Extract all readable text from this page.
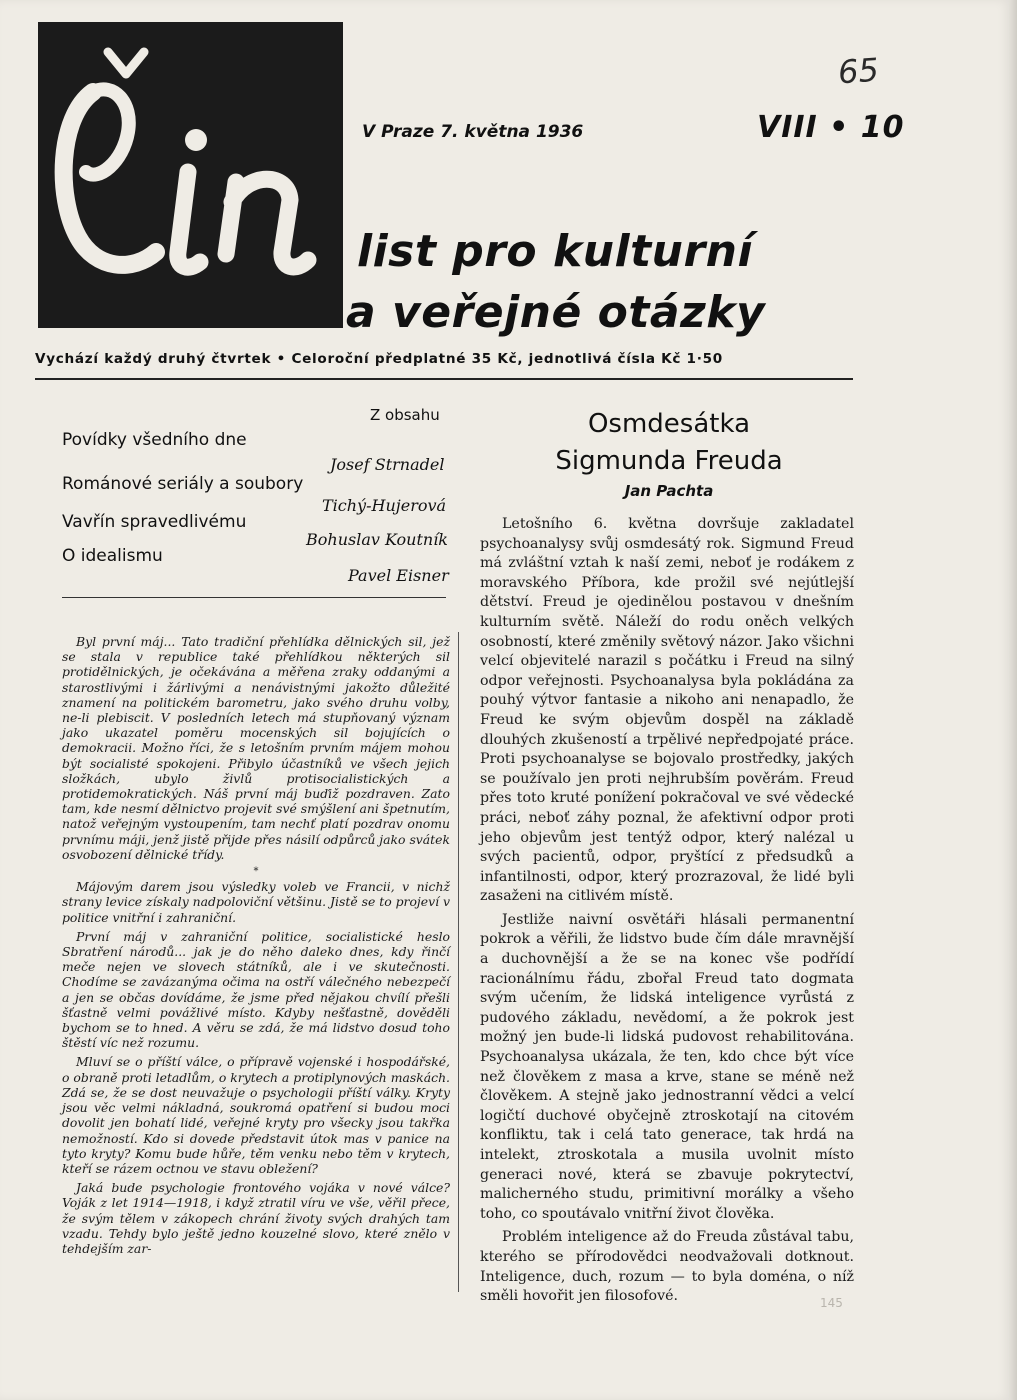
65
V Praze 7. května 1936	VIII • 10
list pro kulturní
a veřejné otázky
Vychází každý druhý čtvrtek • Celoroční předplatné 35 Kč, jednotlivá čísla Kč 1·50
Z obsahu
Povídky všedního dne
Josef Strnadel
Románové seriály a soubory
Tichý-Hujerová
Vavřín spravedlivému
Bohuslav Koutník
O idealismu
Pavel Eisner

Byl první máj... Tato tradiční přehlídka dělnických sil, jež se stala v republice také přehlídkou některých sil protidělnických, je očekávána a měřena zraky oddanými a starostlivými i žárlivými a nenávistnými jakožto důležité znamení na politickém barometru, jako svého druhu volby, ne-li plebiscit. V posledních letech má stupňovaný význam jako ukazatel poměru mocenských sil bojujících o demokracii. Možno říci, že s letošním prvním májem mohou být socialisté spokojeni. Přibylo účastníků ve všech jejich složkách, ubylo živlů protisocialistických a protidemokratických. Náš první máj buďiž pozdraven. Zato tam, kde nesmí dělnictvo projevit své smýšlení ani špetnutím, natož veřejným vystoupením, tam nechť platí pozdrav onomu prvnímu máji, jenž jistě přijde přes násilí odpůrců jako svátek osvobození dělnické třídy.

*

Májovým darem jsou výsledky voleb ve Francii, v nichž strany levice získaly nadpoloviční většinu. Jistě se to projeví v politice vnitřní i zahraniční.

První máj v zahraniční politice, socialistické heslo Sbratření národů... jak je do něho daleko dnes, kdy řinčí meče nejen ve slovech státníků, ale i ve skutečnosti. Chodíme se zavázanýma očima na ostří válečného nebezpečí a jen se občas dovídáme, že jsme před nějakou chvílí přešli šťastně velmi povážlivé místo. Kdyby nešťastně, dověděli bychom se to hned. A věru se zdá, že má lidstvo dosud toho štěstí víc než rozumu.

Mluví se o příští válce, o přípravě vojenské i hospodářské, o obraně proti letadlům, o krytech a protiplynových maskách. Zdá se, že se dost neuvažuje o psychologii příští války. Kryty jsou věc velmi nákladná, soukromá opatření si budou moci dovolit jen bohatí lidé, veřejné kryty pro všecky jsou takřka nemožností. Kdo si dovede představit útok mas v panice na tyto kryty? Komu bude hůře, těm venku nebo těm v krytech, kteří se rázem octnou ve stavu obležení?

Jaká bude psychologie frontového vojáka v nové válce? Voják z let 1914—1918, i když ztratil víru ve vše, věřil přece, že svým tělem v zákopech chrání životy svých drahých tam vzadu. Tehdy bylo ještě jedno kouzelné slovo, které znělo v tehdejším zar-

Osmdesátka
Sigmunda Freuda
Jan Pachta

Letošního 6. května dovršuje zakladatel psychoanalysy svůj osmdesátý rok. Sigmund Freud má zvláštní vztah k naší zemi, neboť je rodákem z moravského Příbora, kde prožil své nejútlejší dětství. Freud je ojedinělou postavou v dnešním kulturním světě. Náleží do rodu oněch velkých osobností, které změnily světový názor. Jako všichni velcí objevitelé narazil s počátku i Freud na silný odpor veřejnosti. Psychoanalysa byla pokládána za pouhý výtvor fantasie a nikoho ani nenapadlo, že Freud ke svým objevům dospěl na základě dlouhých zkušeností a trpělivé nepředpojaté práce. Proti psychoanalyse se bojovalo prostředky, jakých se používalo jen proti nejhrubším pověrám. Freud přes toto kruté ponížení pokračoval ve své vědecké práci, neboť záhy poznal, že afektivní odpor proti jeho objevům jest tentýž odpor, který nalézal u svých pacientů, odpor, pryštící z předsudků a infantilnosti, odpor, který prozrazoval, že lidé byli zasaženi na citlivém místě.

Jestliže naivní osvětáři hlásali permanentní pokrok a věřili, že lidstvo bude čím dále mravnější a duchovnější a že se na konec vše podřídí racionálnímu řádu, zbořal Freud tato dogmata svým učením, že lidská inteligence vyrůstá z pudového základu, nevědomí, a že pokrok jest možný jen bude-li lidská pudovost rehabilitována. Psychoanalysa ukázala, že ten, kdo chce být více než člověkem z masa a krve, stane se méně než člověkem. A stejně jako jednostranní vědci a velcí logičtí duchové obyčejně ztroskotají na citovém konfliktu, tak i celá tato generace, tak hrdá na intelekt, ztroskotala a musila uvolnit místo generaci nové, která se zbavuje pokrytectví, malicherného studu, primitivní morálky a všeho toho, co spoutávalo vnitřní život člověka.

Problém inteligence až do Freuda zůstával tabu, kterého se přírodovědci neodvažovali dotknout. Inteligence, duch, rozum — to byla doména, o níž směli hovořit jen filosofové.	145
